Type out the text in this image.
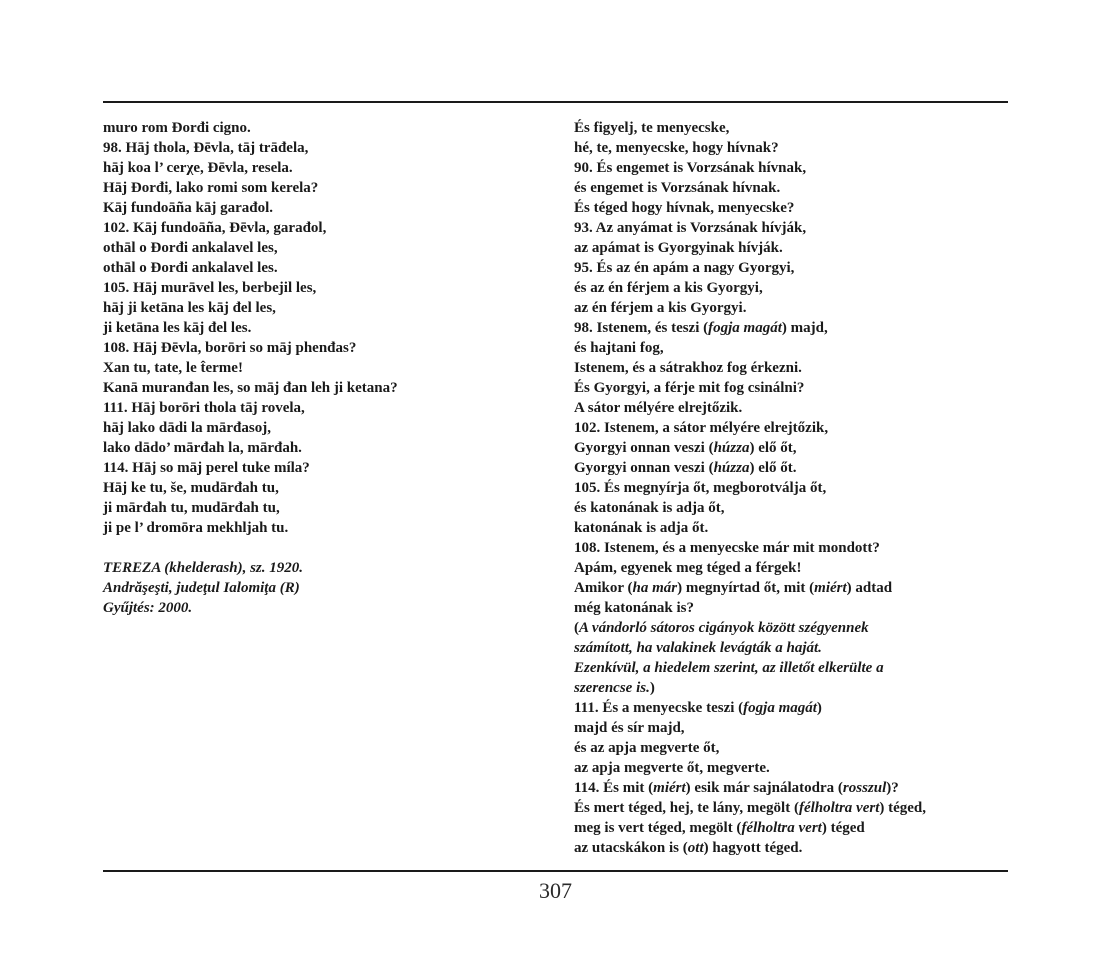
muro rom Đorđi cigno.
98. Hāj thola, Đēvla, tāj trāđela,
hāj koa l’ cerχe, Đēvla, resela.
Hāj Đorđi, lako romi som kerela?
Kāj fundoāña kāj garađol.
102. Kāj fundoāña, Đēvla, garađol,
othāl o Đorđi ankalavel les,
othāl o Đorđi ankalavel les.
105. Hāj murāvel les, berbejil les,
hāj ji ketāna les kāj đel les,
ji ketāna les kāj đel les.
108. Hāj Đēvla, borōri so māj phenđas?
Xan tu, tate, le t̂erme!
Kanā muranđan les, so māj đan leh ji ketana?
111. Hāj borōri thola tāj rovela,
hāj lako dādi la mārđasoj,
lako dādo’ mārđah la, mārđah.
114. Hāj so māj perel tuke míla?
Hāj ke tu, še, mudārđah tu,
ji mārđah tu, mudārđah tu,
ji pe l’ dromōra mekhljah tu.
TEREZA (khelderash), sz. 1920.
Andrăşeşti, judeţul Ialomiţa (R)
Gyűjtés: 2000.
És figyelj, te menyecske,
hé, te, menyecske, hogy hívnak?
90. És engemet is Vorzsának hívnak,
és engemet is Vorzsának hívnak.
És téged hogy hívnak, menyecske?
93. Az anyámat is Vorzsának hívják,
az apámat is Gyorgyinak hívják.
95. És az én apám a nagy Gyorgyi,
és az én férjem a kis Gyorgyi,
az én férjem a kis Gyorgyi.
98. Istenem, és teszi (fogja magát) majd,
és hajtani fog,
Istenem, és a sátrakhoz fog érkezni.
És Gyorgyi, a férje mit fog csinálni?
A sátor mélyére elrejtőzik.
102. Istenem, a sátor mélyére elrejtőzik,
Gyorgyi onnan veszi (húzza) elő őt,
Gyorgyi onnan veszi (húzza) elő őt.
105. És megnyírja őt, megborotválja őt,
és katonának is adja őt,
katonának is adja őt.
108. Istenem, és a menyecske már mit mondott?
Apám, egyenek meg téged a férgek!
Amikor (ha már) megnyírtad őt, mit (miért) adtad
még katonának is?
(A vándorló sátoros cigányok között szégyennek
számított, ha valakinek levágták a haját.
Ezenkívül, a hiedelem szerint, az illetőt elkerülte a
szerencse is.)
111. És a menyecske teszi (fogja magát)
majd és sír majd,
és az apja megverte őt,
az apja megverte őt, megverte.
114. És mit (miért) esik már sajnálatodra (rosszul)?
És mert téged, hej, te lány, megölt (félholtra vert) téged,
meg is vert téged, megölt (félholtra vert) téged
az utacskákon is (ott) hagyott téged.
307
